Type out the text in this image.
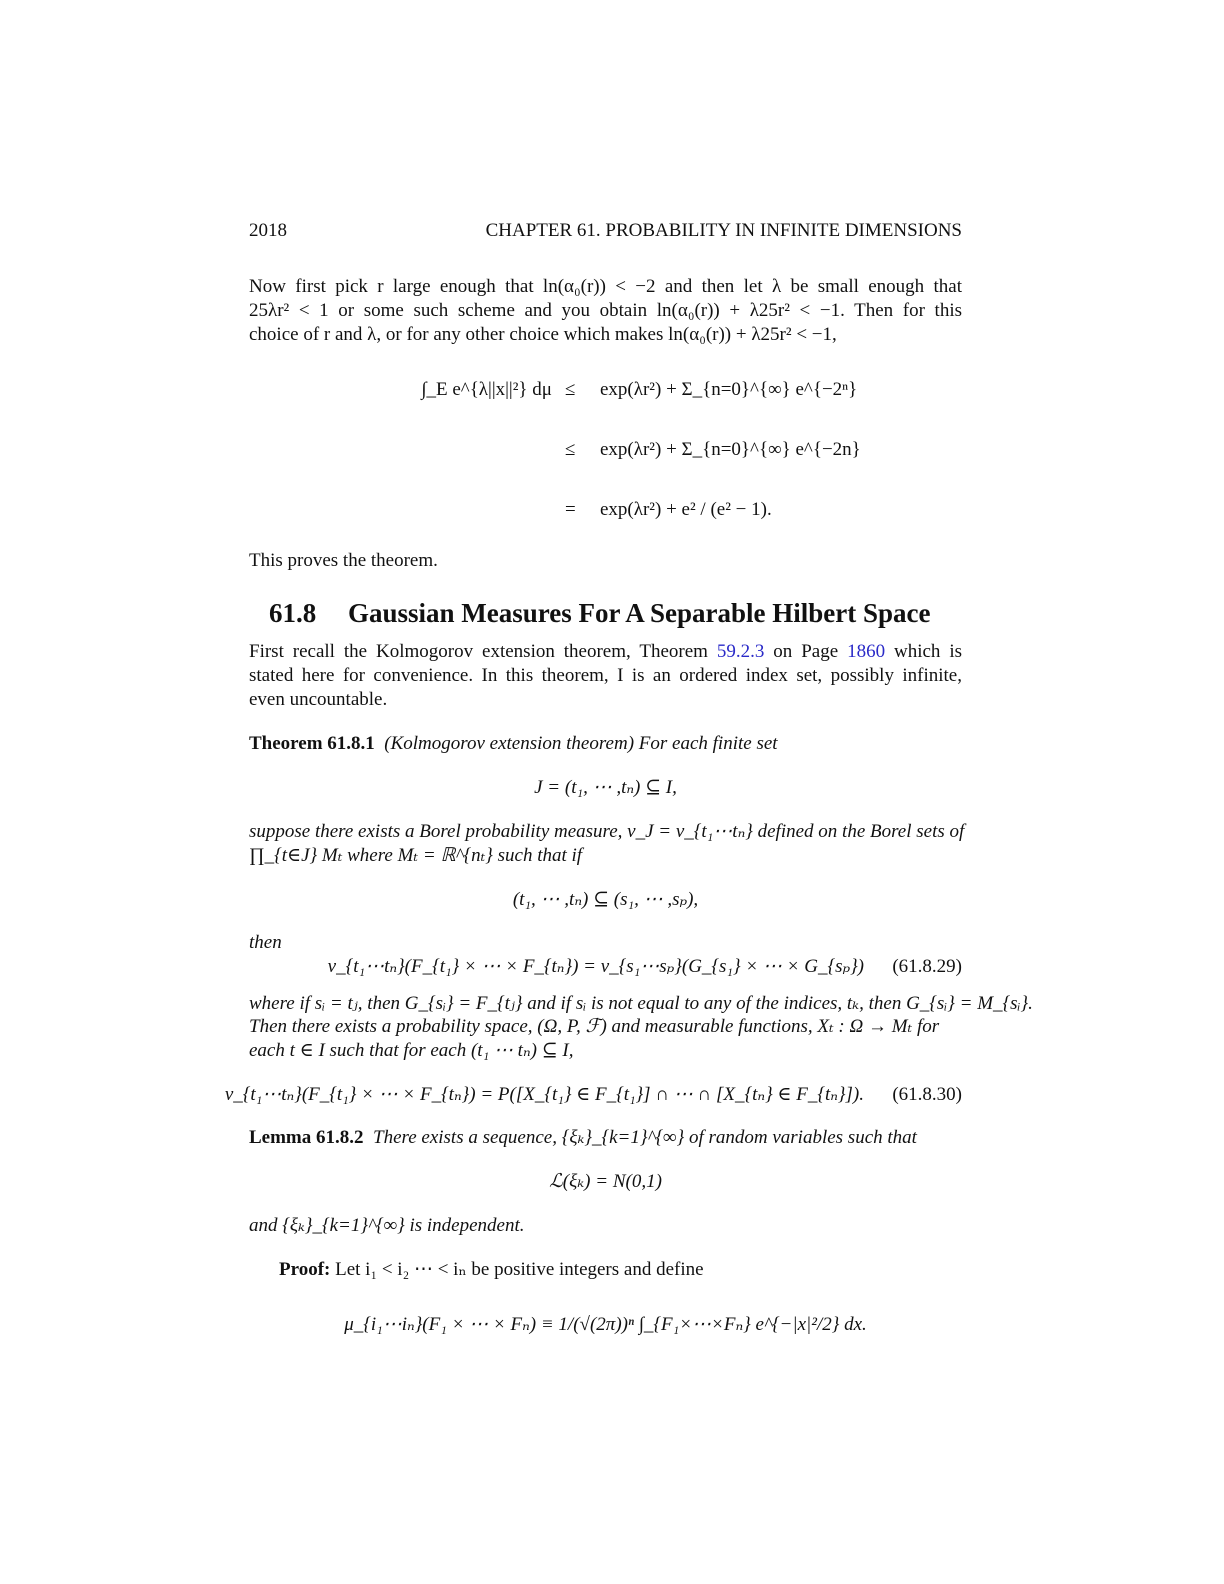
2018	CHAPTER 61. PROBABILITY IN INFINITE DIMENSIONS
Now first pick r large enough that ln(α₀(r)) < −2 and then let λ be small enough that
25λr² < 1 or some such scheme and you obtain ln(α₀(r)) + λ25r² < −1. Then for this
choice of r and λ, or for any other choice which makes ln(α₀(r)) + λ25r² < −1,
∫_E e^{λ||x||²} dμ ≤ exp(λr²) + Σ_{n=0}^{∞} e^{−2ⁿ}
≤ exp(λr²) + Σ_{n=0}^{∞} e^{−2n}
= exp(λr²) + e² / (e² − 1).
This proves the theorem.
61.8 Gaussian Measures For A Separable Hilbert Space
First recall the Kolmogorov extension theorem, Theorem 59.2.3 on Page 1860 which is
stated here for convenience. In this theorem, I is an ordered index set, possibly infinite,
even uncountable.
Theorem 61.8.1 (Kolmogorov extension theorem) For each finite set
J = (t₁, ⋯ ,tₙ) ⊆ I,
suppose there exists a Borel probability measure, ν_J = ν_{t₁⋯tₙ} defined on the Borel sets of
∏_{t∈J} Mₜ where Mₜ = ℝ^{nₜ} such that if
(t₁, ⋯ ,tₙ) ⊆ (s₁, ⋯ ,sₚ),
then
ν_{t₁⋯tₙ}(F_{t₁} × ⋯ × F_{tₙ}) = ν_{s₁⋯sₚ}(G_{s₁} × ⋯ × G_{sₚ}) (61.8.29)
where if sᵢ = tⱼ, then G_{sᵢ} = F_{tⱼ} and if sᵢ is not equal to any of the indices, tₖ, then G_{sᵢ} = M_{sᵢ}.
Then there exists a probability space, (Ω, P, ℱ) and measurable functions, Xₜ : Ω → Mₜ for
each t ∈ I such that for each (t₁ ⋯ tₙ) ⊆ I,
ν_{t₁⋯tₙ}(F_{t₁} × ⋯ × F_{tₙ}) = P([X_{t₁} ∈ F_{t₁}] ∩ ⋯ ∩ [X_{tₙ} ∈ F_{tₙ}]). (61.8.30)
Lemma 61.8.2 There exists a sequence, {ξₖ}_{k=1}^{∞} of random variables such that
ℒ(ξₖ) = N(0,1)
and {ξₖ}_{k=1}^{∞} is independent.
Proof: Let i₁ < i₂ ⋯ < iₙ be positive integers and define
μ_{i₁⋯iₙ}(F₁ × ⋯ × Fₙ) ≡ 1/(√(2π))ⁿ ∫_{F₁×⋯×Fₙ} e^{−|x|²/2} dx.
